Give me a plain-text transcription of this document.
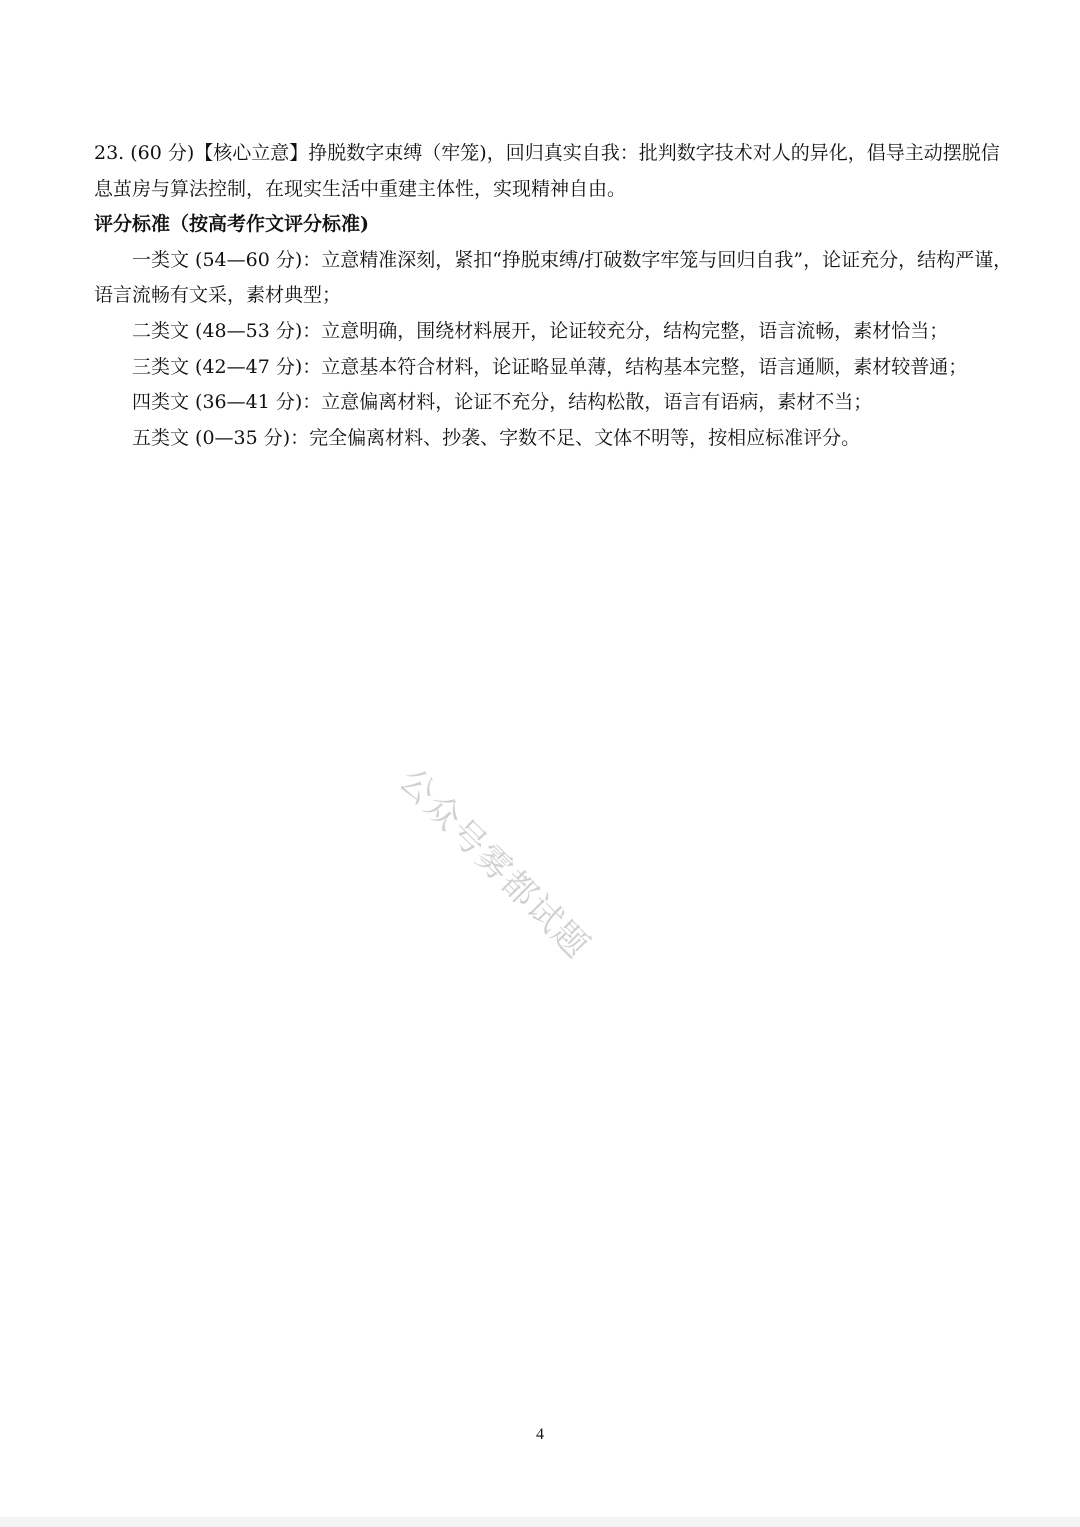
23. (60 分)【核心立意】挣脱数字束缚（牢笼)，回归真实自我：批判数字技术对人的异化，倡导主动摆脱信

息茧房与算法控制，在现实生活中重建主体性，实现精神自由。

评分标准（按高考作文评分标准)

一类文 (54—60 分)：立意精准深刻，紧扣“挣脱束缚/打破数字牢笼与回归自我”，论证充分，结构严谨，

语言流畅有文采，素材典型；

二类文 (48—53 分)：立意明确，围绕材料展开，论证较充分，结构完整，语言流畅，素材恰当；

三类文 (42—47 分)：立意基本符合材料，论证略显单薄，结构基本完整，语言通顺，素材较普通；

四类文 (36—41 分)：立意偏离材料，论证不充分，结构松散，语言有语病，素材不当；

五类文 (0—35 分)：完全偏离材料、抄袭、字数不足、文体不明等，按相应标准评分。

公众号雾都试题
4
